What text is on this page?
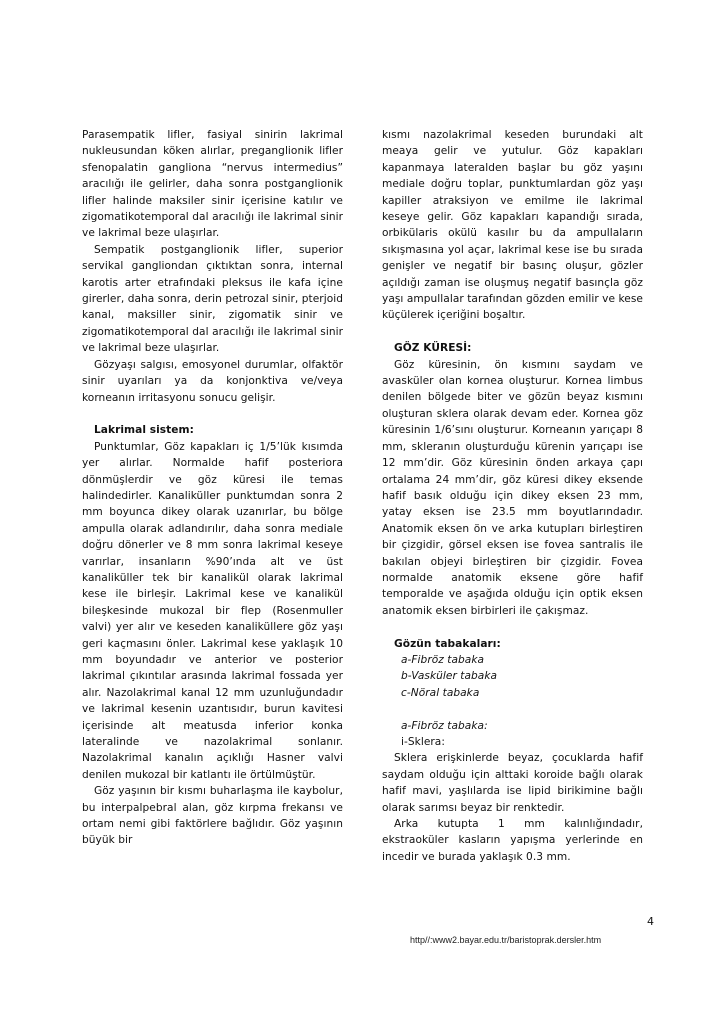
Parasempatik lifler, fasiyal sinirin lakrimal nukleusundan köken alırlar, preganglionik lifler sfenopalatin gangliona “nervus intermedius” aracılığı ile gelirler, daha sonra postganglionik lifler halinde maksiler sinir içerisine katılır ve zigomatikotemporal dal aracılığı ile lakrimal sinir ve lakrimal beze ulaşırlar.

Sempatik postganglionik lifler, superior servikal gangliondan çıktıktan sonra, internal karotis arter etrafındaki pleksus ile kafa içine girerler, daha sonra, derin petrozal sinir, pterjoid kanal, maksiller sinir, zigomatik sinir ve zigomatikotemporal dal aracılığı ile lakrimal sinir ve lakrimal beze ulaşırlar.

Gözyaşı salgısı, emosyonel durumlar, olfaktör sinir uyarıları ya da konjonktiva ve/veya korneanın irritasyonu sonucu gelişir.

Lakrimal sistem:

Punktumlar, Göz kapakları iç 1/5’lük kısımda yer alırlar. Normalde hafif posteriora dönmüşlerdir ve göz küresi ile temas halindedirler. Kanaliküller punktumdan sonra 2 mm boyunca dikey olarak uzanırlar, bu bölge ampulla olarak adlandırılır, daha sonra mediale doğru dönerler ve 8 mm sonra lakrimal keseye varırlar, insanların %90’ında alt ve üst kanaliküller tek bir kanalikül olarak lakrimal kese ile birleşir. Lakrimal kese ve kanalikül bileşkesinde mukozal bir flep (Rosenmuller valvi) yer alır ve keseden kanaliküllere göz yaşı geri kaçmasını önler. Lakrimal kese yaklaşık 10 mm boyundadır ve anterior ve posterior lakrimal çıkıntılar arasında lakrimal fossada yer alır. Nazolakrimal kanal 12 mm uzunluğundadır ve lakrimal kesenin uzantısıdır, burun kavitesi içerisinde alt meatusda inferior konka lateralinde ve nazolakrimal sonlanır. Nazolakrimal kanalın açıklığı Hasner valvi denilen mukozal bir katlantı ile örtülmüştür.

Göz yaşının bir kısmı buharlaşma ile kaybolur, bu interpalpebral alan, göz kırpma frekansı ve ortam nemi gibi faktörlere bağlıdır. Göz yaşının büyük bir

kısmı nazolakrimal keseden burundaki alt meaya gelir ve yutulur. Göz kapakları kapanmaya lateralden başlar bu göz yaşını mediale doğru toplar, punktumlardan göz yaşı kapiller atraksiyon ve emilme ile lakrimal keseye gelir. Göz kapakları kapandığı sırada, orbikülaris okülü kasılır bu da ampullaların sıkışmasına yol açar, lakrimal kese ise bu sırada genişler ve negatif bir basınç oluşur, gözler açıldığı zaman ise oluşmuş negatif basınçla göz yaşı ampullalar tarafından gözden emilir ve kese küçülerek içeriğini boşaltır.

GÖZ KÜRESİ:

Göz küresinin, ön kısmını saydam ve avasküler olan kornea oluşturur. Kornea limbus denilen bölgede biter ve gözün beyaz kısmını oluşturan sklera olarak devam eder. Kornea göz küresinin 1/6’sını oluşturur. Korneanın yarıçapı 8 mm, skleranın oluşturduğu kürenin yarıçapı ise 12 mm’dir. Göz küresinin önden arkaya çapı ortalama 24 mm’dir, göz küresi dikey eksende hafif basık olduğu için dikey eksen 23 mm, yatay eksen ise 23.5 mm boyutlarındadır. Anatomik eksen ön ve arka kutupları birleştiren bir çizgidir, görsel eksen ise fovea santralis ile bakılan objeyi birleştiren bir çizgidir. Fovea normalde anatomik eksene göre hafif temporalde ve aşağıda olduğu için optik eksen anatomik eksen birbirleri ile çakışmaz.

Gözün tabakaları:

a-Fibröz tabaka

b-Vasküler tabaka

c-Nöral tabaka

a-Fibröz tabaka:

i-Sklera:

Sklera erişkinlerde beyaz, çocuklarda hafif saydam olduğu için alttaki koroide bağlı olarak hafif mavi, yaşlılarda ise lipid birikimine bağlı olarak sarımsı beyaz bir renktedir.

Arka kutupta 1 mm kalınlığındadır, ekstraoküler kasların yapışma yerlerinde en incedir ve burada yaklaşık 0.3 mm.

4
http//:www2.bayar.edu.tr/baristoprak.dersler.htm
